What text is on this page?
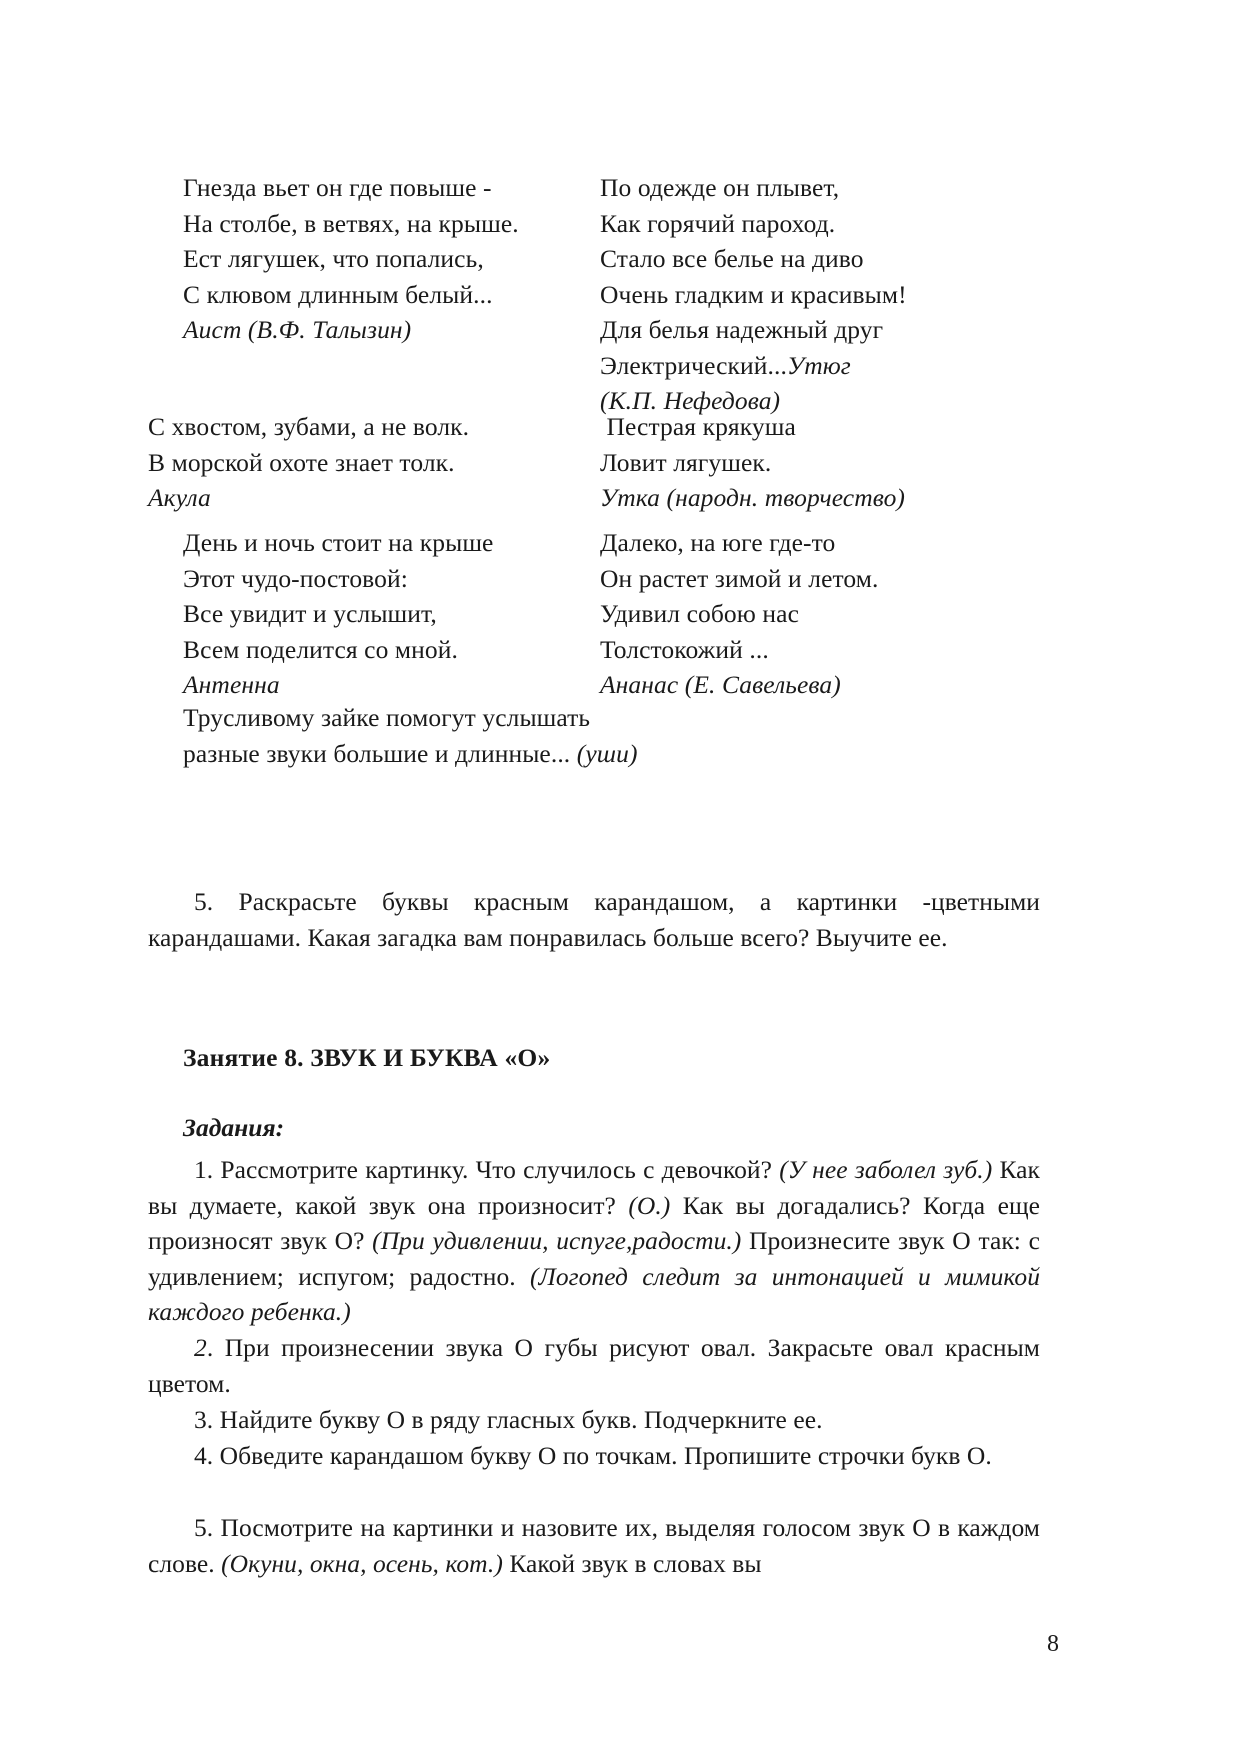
Гнезда вьет он где повыше -
На столбе, в ветвях, на крыше.
Ест лягушек, что попались,
С клювом длинным белый...
Аист (В.Ф. Талызин)
По одежде он плывет,
Как горячий пароход.
Стало все белье на диво
Очень гладким и красивым!
Для белья надежный друг
Электрический...Утюг
(К.П. Нефедова)
С хвостом, зубами, а не волк.
В морской охоте знает толк.
Акула
Пестрая крякуша
Ловит лягушек.
Утка (народн. творчество)
День и ночь стоит на крыше
Этот чудо-постовой:
Все увидит и услышит,
Всем поделится со мной.
Антенна
Далеко, на юге где-то
Он растет зимой и летом.
Удивил собою нас
Толстокожий ...
Ананас (Е. Савельева)
Трусливому зайке помогут услышать
разные звуки большие и длинные... (уши)
5. Раскрасьте буквы красным карандашом, а картинки -цветными карандашами. Какая загадка вам понравилась больше всего? Выучите ее.
Занятие 8. ЗВУК И БУКВА «О»
Задания:
1. Рассмотрите картинку. Что случилось с девочкой? (У нее заболел зуб.) Как вы думаете, какой звук она произносит? (О.) Как вы догадались? Когда еще произносят звук О? (При удивлении, испуге,радости.) Произнесите звук О так: с удивлением; испугом; радостно. (Логопед следит за интонацией и мимикой каждого ребенка.)
2. При произнесении звука О губы рисуют овал. Закрасьте овал красным цветом.
3. Найдите букву О в ряду гласных букв. Подчеркните ее.
4. Обведите карандашом букву О по точкам. Пропишите строчки букв О.
5. Посмотрите на картинки и назовите их, выделяя голосом звук О в каждом слове. (Окуни, окна, осень, кот.) Какой звук в словах вы
8
